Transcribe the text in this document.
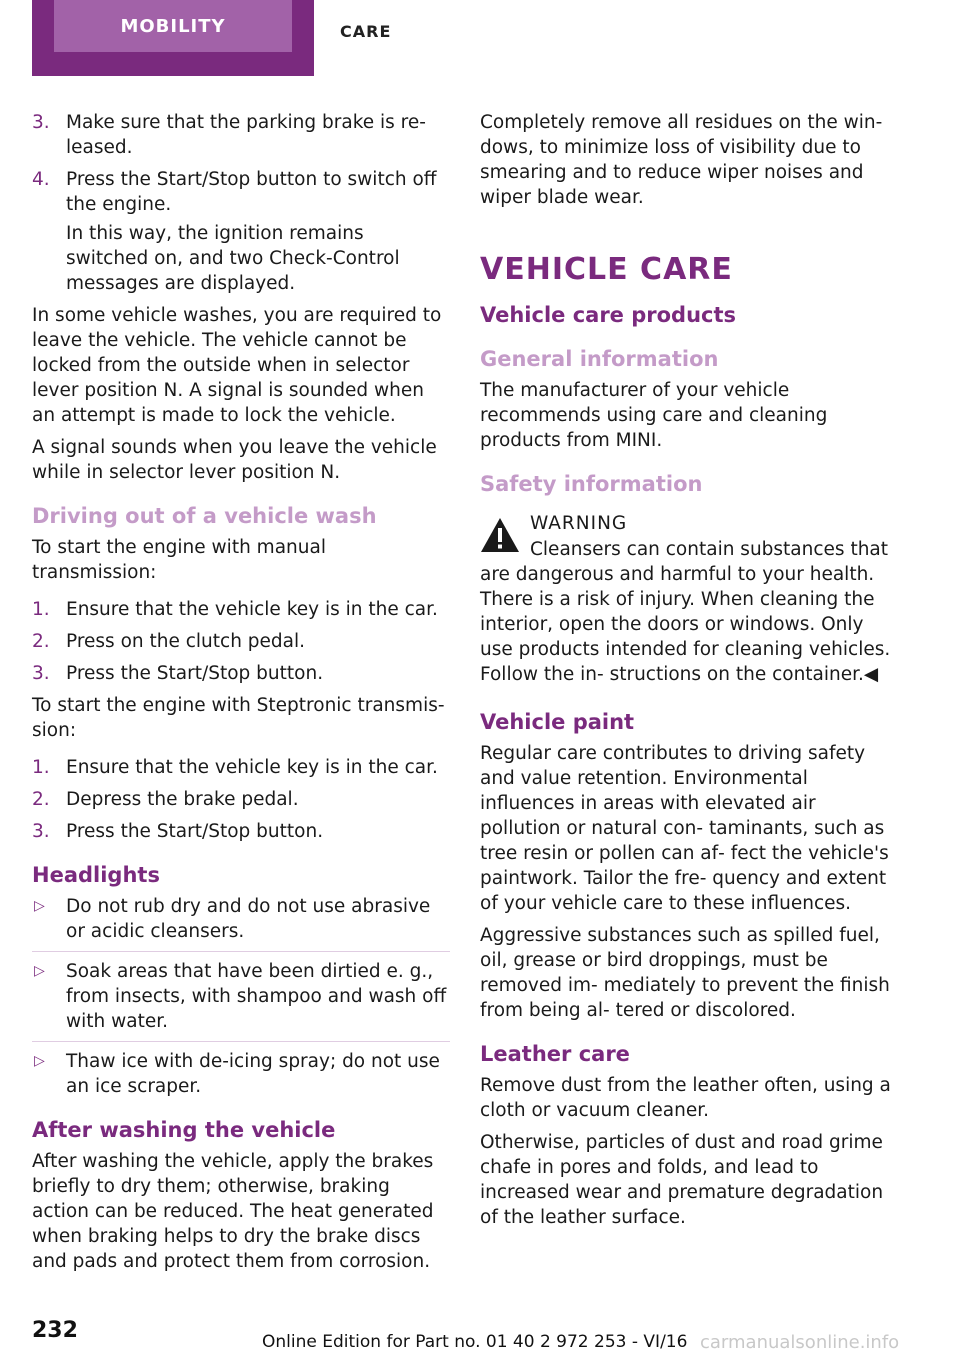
MOBILITY	CARE
3. Make sure that the parking brake is re‐ leased.
4. Press the Start/Stop button to switch off the engine.

In this way, the ignition remains switched on, and two Check-Control messages are displayed.

In some vehicle washes, you are required to leave the vehicle. The vehicle cannot be locked from the outside when in selector lever position N. A signal is sounded when an attempt is made to lock the vehicle.

A signal sounds when you leave the vehicle while in selector lever position N.

Driving out of a vehicle wash

To start the engine with manual transmission:

1. Ensure that the vehicle key is in the car.
2. Press on the clutch pedal.
3. Press the Start/Stop button.

To start the engine with Steptronic transmis‐ sion:

1. Ensure that the vehicle key is in the car.
2. Depress the brake pedal.
3. Press the Start/Stop button.
Headlights
▷ Do not rub dry and do not use abrasive or acidic cleansers.
▷ Soak areas that have been dirtied e. g., from insects, with shampoo and wash off with water.
▷ Thaw ice with de-icing spray; do not use an ice scraper.
After washing the vehicle

After washing the vehicle, apply the brakes briefly to dry them; otherwise, braking action can be reduced. The heat generated when braking helps to dry the brake discs and pads and protect them from corrosion.

Completely remove all residues on the win‐ dows, to minimize loss of visibility due to smearing and to reduce wiper noises and wiper blade wear.

VEHICLE CARE
Vehicle care products
General information

The manufacturer of your vehicle recommends using care and cleaning products from MINI.

Safety information
WARNING

Cleansers can contain substances that are dangerous and harmful to your health. There is a risk of injury. When cleaning the interior, open the doors or windows. Only use products intended for cleaning vehicles. Follow the in‐ structions on the container.◀

Vehicle paint

Regular care contributes to driving safety and value retention. Environmental influences in areas with elevated air pollution or natural con‐ taminants, such as tree resin or pollen can af‐ fect the vehicle's paintwork. Tailor the fre‐ quency and extent of your vehicle care to these influences.

Aggressive substances such as spilled fuel, oil, grease or bird droppings, must be removed im‐ mediately to prevent the finish from being al‐ tered or discolored.

Leather care

Remove dust from the leather often, using a cloth or vacuum cleaner.

Otherwise, particles of dust and road grime chafe in pores and folds, and lead to increased wear and premature degradation of the leather surface.

232	Online Edition for Part no. 01 40 2 972 253 - VI/16 carmanualsonline.info
